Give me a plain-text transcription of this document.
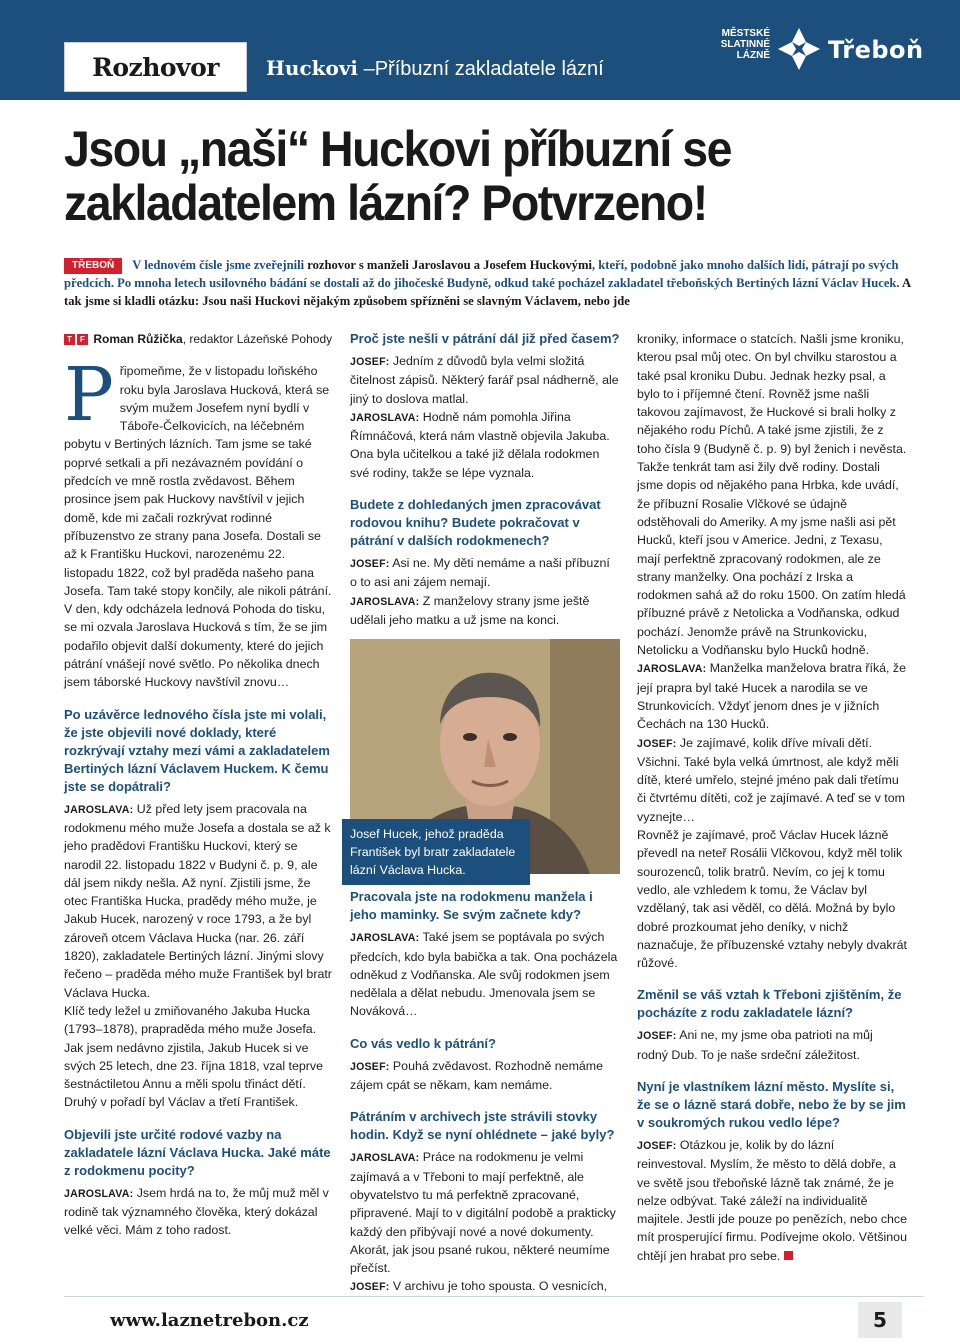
Rozhovor Huckovi –Příbuzní zakladatele lázní
MĚSTSKÉ
SLATINNÉ
LÁZNĚ Třeboň
Jsou „naši“ Huckovi příbuzní se zakladatelem lázní? Potvrzeno!
TŘEBOŇ V lednovém čísle jsme zveřejnili rozhovor s manželi Jaroslavou a Josefem Huckovými, kteří, podobně jako mnoho dalších lidí, pátrají po svých předcích. Po mnoha letech usilovného bádání se dostali až do jihočeské Budyně, odkud také pocházel zakladatel třeboňských Bertiných lázní Václav Hucek. A tak jsme si kladli otázku: Jsou naši Huckovi nějakým způsobem spřízněni se slavným Václavem, nebo jde
T F Roman Růžička, redaktor Lázeňské Pohody

Připomeňme, že v listopadu loňského roku byla Jaroslava Hucková, která se svým mužem Josefem nyní bydlí v Táboře-Čelkovicích, na léčebném pobytu v Bertiných lázních. Tam jsme se také poprvé setkali a při nezávazném povídání o předcích ve mně rostla zvědavost. Během prosince jsem pak Huckovy navštívil v jejich domě, kde mi začali rozkrývat rodinné příbuzenstvo ze strany pana Josefa. Dostali se až k Františku Huckovi, narozenému 22. listopadu 1822, což byl praděda našeho pana Josefa. Tam také stopy končily, ale nikoli pátrání.

V den, kdy odcházela lednová Pohoda do tisku, se mi ozvala Jaroslava Hucková s tím, že se jim podařilo objevit další dokumenty, které do jejich pátrání vnášejí nové světlo. Po několika dnech jsem táborské Huckovy navštívil znovu…

Po uzávěrce lednového čísla jste mi volali, že jste objevili nové doklady, které rozkrývají vztahy mezi vámi a zakladatelem Bertiných lázní Václavem Huckem. K čemu jste se dopátrali?

JAROSLAVA: Už před lety jsem pracovala na rodokmenu mého muže Josefa a dostala se až k jeho pradědovi Františku Huckovi, který se narodil 22. listopadu 1822 v Budyni č. p. 9, ale dál jsem nikdy nešla. Až nyní. Zjistili jsme, že otec Františka Hucka, pradědy mého muže, je Jakub Hucek, narozený v roce 1793, a že byl zároveň otcem Václava Hucka (nar. 26. září 1820), zakladatele Bertiných lázní. Jinými slovy řečeno – praděda mého muže František byl bratr Václava Hucka.

Klíč tedy ležel u zmiňovaného Jakuba Hucka (1793–1878), prapraděda mého muže Josefa. Jak jsem nedávno zjistila, Jakub Hucek si ve svých 25 letech, dne 23. října 1818, vzal teprve šestnáctiletou Annu a měli spolu třináct dětí. Druhý v pořadí byl Václav a třetí František.

Objevili jste určité rodové vazby na zakladatele lázní Václava Hucka. Jaké máte z rodokmenu pocity?

JAROSLAVA: Jsem hrdá na to, že můj muž měl v rodině tak významného člověka, který dokázal velké věci. Mám z toho radost.

Proč jste nešli v pátrání dál již před časem?

JOSEF: Jedním z důvodů byla velmi složitá čitelnost zápisů. Některý farář psal nádherně, ale jiný to doslova matlal.

JAROSLAVA: Hodně nám pomohla Jiřina Římnáčová, která nám vlastně objevila Jakuba. Ona byla učitelkou a také již dělala rodokmen své rodiny, takže se lépe vyznala.

Budete z dohledaných jmen zpracovávat rodovou knihu? Budete pokračovat v pátrání v dalších rodokmenech?

JOSEF: Asi ne. My děti nemáme a naši příbuzní o to asi ani zájem nemají.

JAROSLAVA: Z manželovy strany jsme ještě udělali jeho matku a už jsme na konci.

Josef Hucek, jehož praděda František byl bratr zakladatele lázní Václava Hucka.
Pracovala jste na rodokmenu manžela i jeho maminky. Se svým začnete kdy?

JAROSLAVA: Také jsem se poptávala po svých předcích, kdo byla babička a tak. Ona pocházela odněkud z Vodňanska. Ale svůj rodokmen jsem nedělala a dělat nebudu. Jmenovala jsem se Nováková…

Co vás vedlo k pátrání?

JOSEF: Pouhá zvědavost. Rozhodně nemáme zájem cpát se někam, kam nemáme.

Pátráním v archivech jste strávili stovky hodin. Když se nyní ohlédnete – jaké byly?

JAROSLAVA: Práce na rodokmenu je velmi zajímavá a v Třeboni to mají perfektně, ale obyvatelstvo tu má perfektně zpracované, připravené. Mají to v digitální podobě a prakticky každý den přibývají nové a nové dokumenty. Akorát, jak jsou psané rukou, některé neumíme přečíst.

JOSEF: V archivu je toho spousta. O vesnicích,

kroniky, informace o statcích. Našli jsme kroniku, kterou psal můj otec. On byl chvilku starostou a také psal kroniku Dubu. Jednak hezky psal, a bylo to i příjemné čtení. Rovněž jsme našli takovou zajímavost, že Huckové si brali holky z nějakého rodu Píchů. A také jsme zjistili, že z toho čísla 9 (Budyně č. p. 9) byl ženich i nevěsta. Takže tenkrát tam asi žily dvě rodiny. Dostali jsme dopis od nějakého pana Hrbka, kde uvádí, že příbuzní Rosalie Vlčkové se údajně odstěhovali do Ameriky. A my jsme našli asi pět Hucků, kteří jsou v Americe. Jedni, z Texasu, mají perfektně zpracovaný rodokmen, ale ze strany manželky. Ona pochází z Irska a rodokmen sahá až do roku 1500. On zatím hledá příbuzné právě z Netolicka a Vodňanska, odkud pochází. Jenomže právě na Strunkovicku, Netolicku a Vodňansku bylo Hucků hodně.

JAROSLAVA: Manželka manželova bratra říká, že její prapra byl také Hucek a narodila se ve Strunkovicích. Vždyť jenom dnes je v jižních Čechách na 130 Hucků.

JOSEF: Je zajímavé, kolik dříve mívali dětí. Všichni. Také byla velká úmrtnost, ale když měli dítě, které umřelo, stejné jméno pak dali třetímu či čtvrtému dítěti, což je zajímavé. A teď se v tom vyznejte…

Rovněž je zajímavé, proč Václav Hucek lázně převedl na neteř Rosálii Vlčkovou, když měl tolik sourozenců, tolik bratrů. Nevím, co jej k tomu vedlo, ale vzhledem k tomu, že Václav byl vzdělaný, tak asi věděl, co dělá. Možná by bylo dobré prozkoumat jeho deníky, v nichž naznačuje, že příbuzenské vztahy nebyly dvakrát růžové.

Změnil se váš vztah k Třeboni zjištěním, že pocházíte z rodu zakladatele lázní?

JOSEF: Ani ne, my jsme oba patrioti na můj rodný Dub. To je naše srdeční záležitost.

Nyní je vlastníkem lázní město. Myslíte si, že se o lázně stará dobře, nebo že by se jim v soukromých rukou vedlo lépe?

JOSEF: Otázkou je, kolik by do lázní reinvestoval. Myslím, že město to dělá dobře, a ve světě jsou třeboňské lázně tak známé, že je nelze odbývat. Také záleží na individualitě majitele. Jestli jde pouze po penězích, nebo chce mít prosperující firmu. Podívejme okolo. Většinou chtějí jen hrabat pro sebe.

www.laznetrebon.cz	5
